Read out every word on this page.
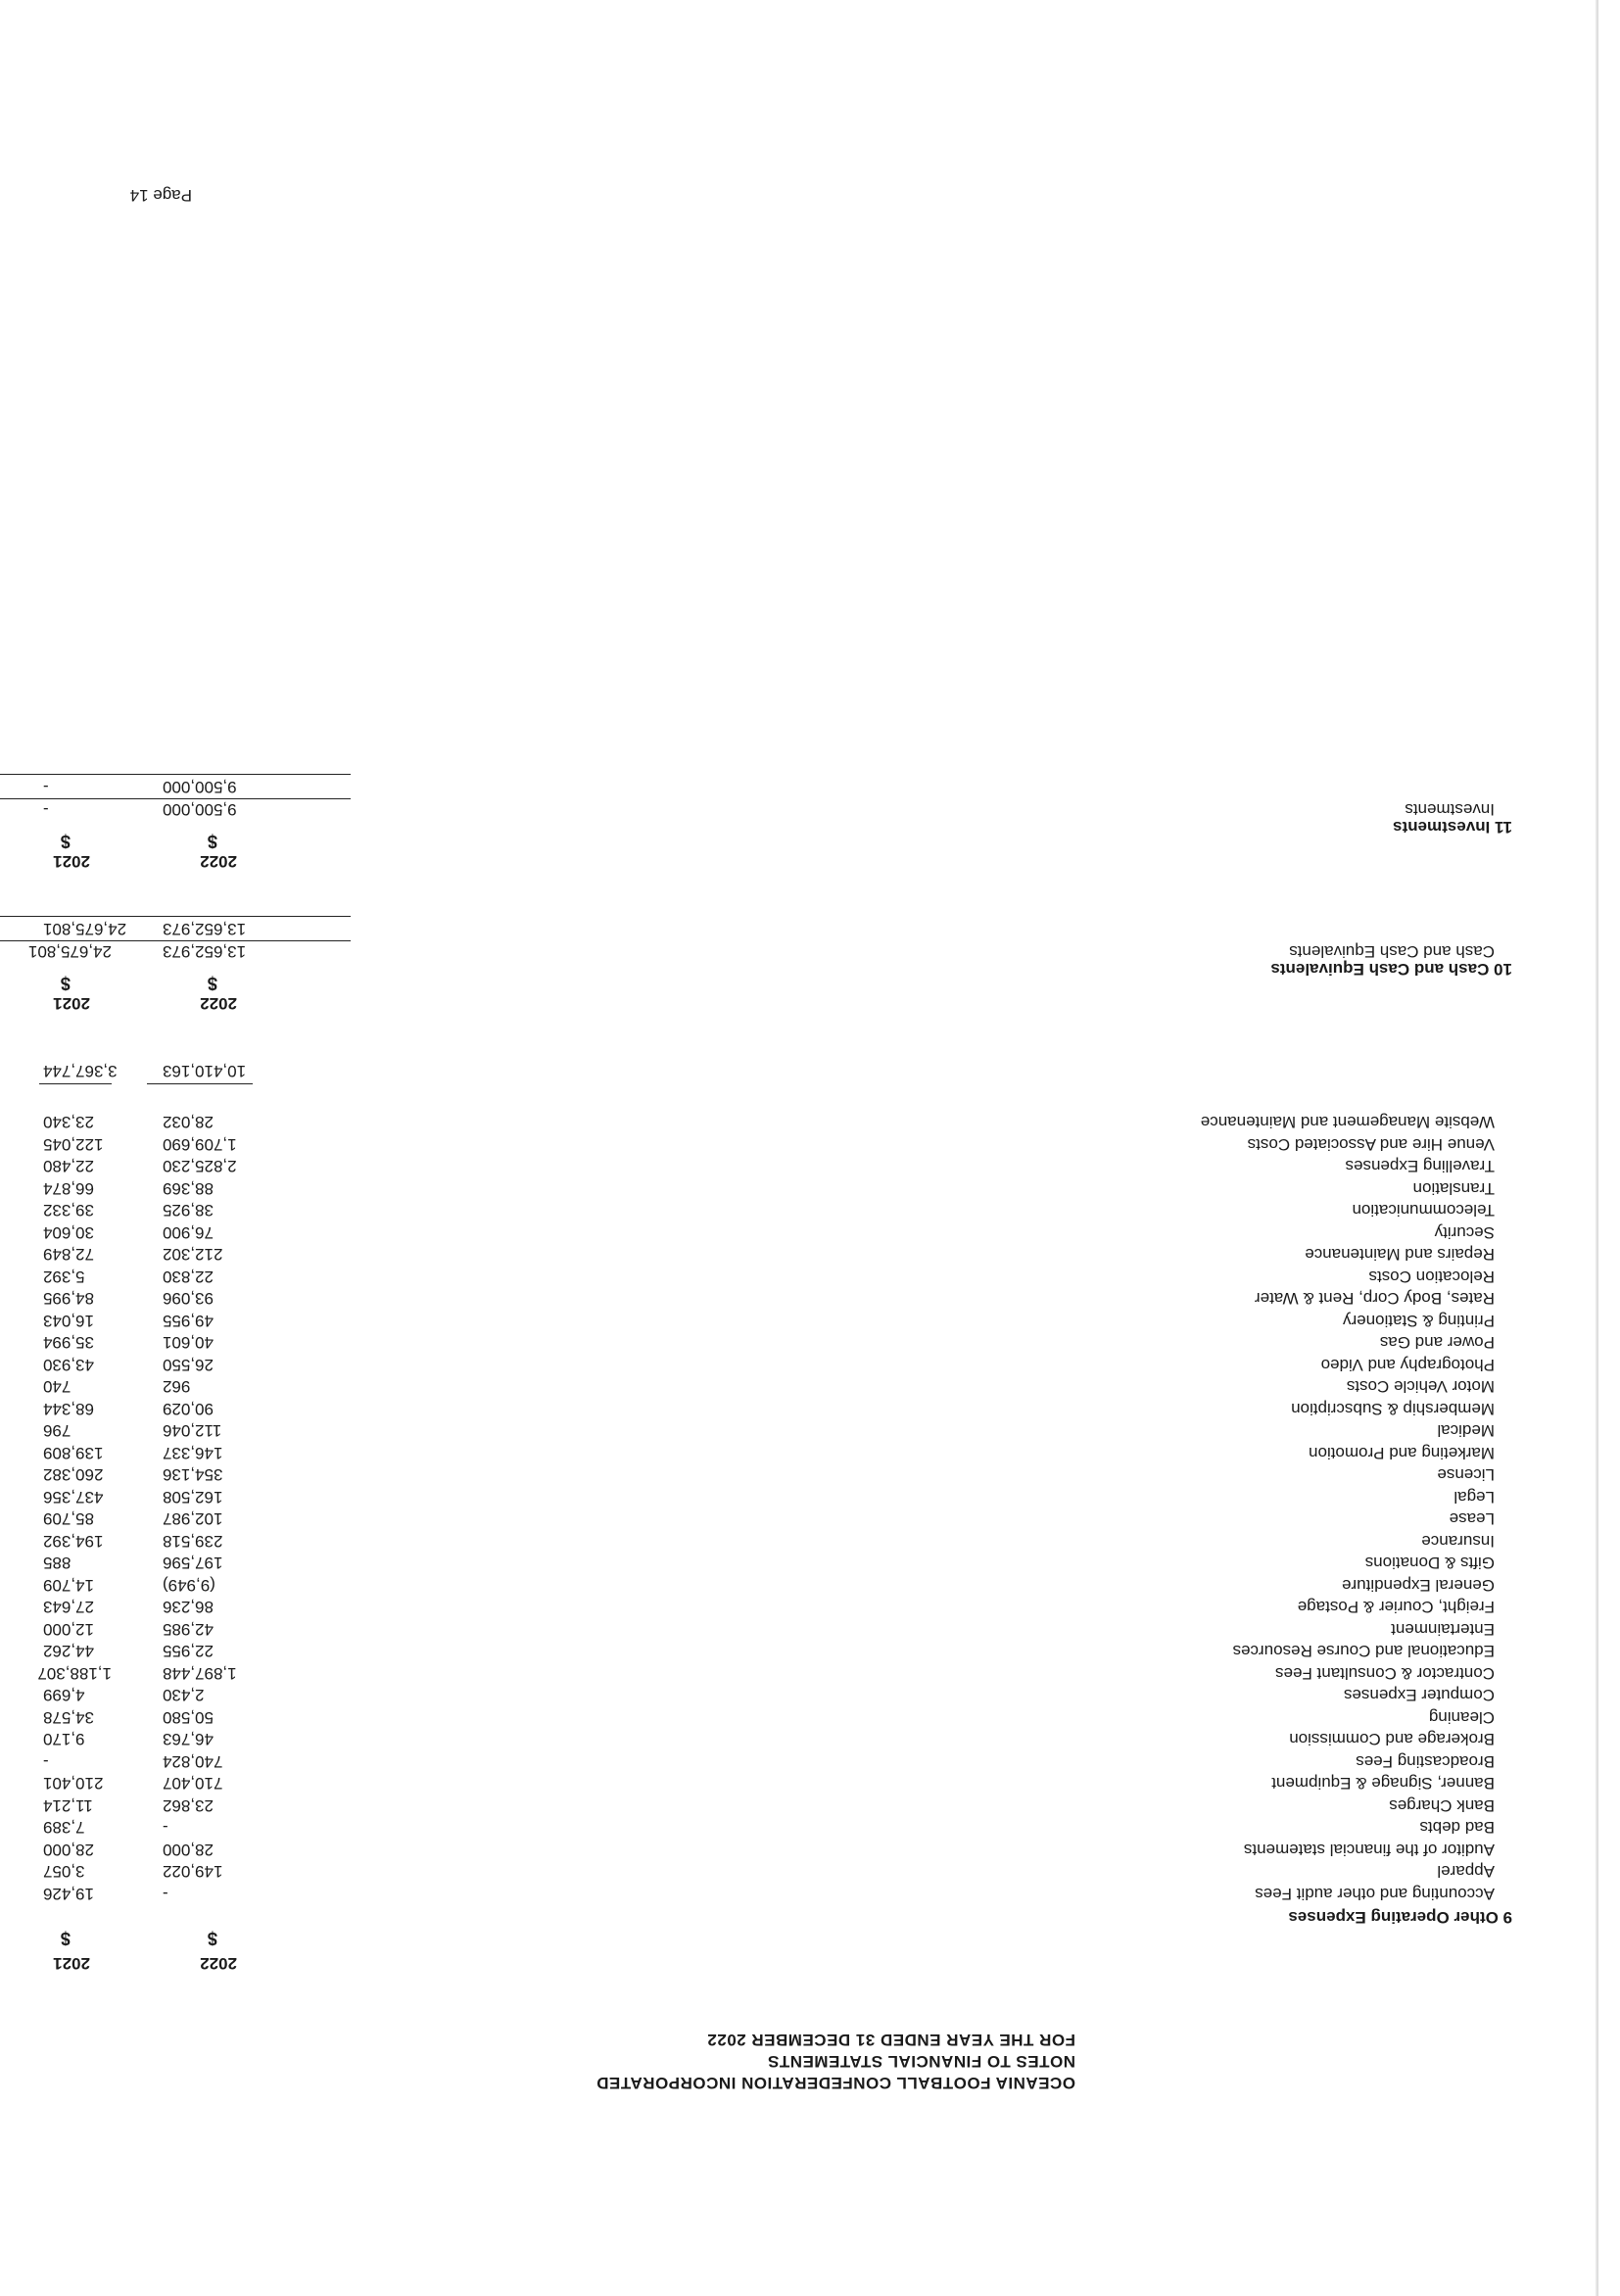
OCEANIA FOOTBALL CONFEDERATION INCORPORATED
NOTES TO FINANCIAL STATEMENTS
FOR THE YEAR ENDED 31 DECEMBER 2022
2022
2021
$
$
9 Other Operating Expenses
Accounting and other audit Fees
-
19,426
Apparel
149,022
3,057
Auditor of the financial statements
28,000
28,000
Bad debts
-
7,389
Bank Charges
23,862
11,214
Banner, Signage & Equipment
710,407
210,401
Broadcasting Fees
740,824
-
Brokerage and Commission
46,763
9,170
Cleaning
50,580
34,578
Computer Expenses
2,430
4,699
Contractor & Consultant Fees
1,897,448
1,188,307
Educational and Course Resources
22,955
44,262
Entertainment
42,985
12,000
Freight, Courier & Postage
86,236
27,643
General Expenditure
(9,949)
14,709
Gifts & Donations
197,596
885
Insurance
239,518
194,392
Lease
102,987
85,709
Legal
162,508
437,356
License
354,136
260,382
Marketing and Promotion
146,337
139,809
Medical
112,046
796
Membership & Subscription
90,029
68,344
Motor Vehicle Costs
962
740
Photography and Video
26,550
43,930
Power and Gas
40,601
35,994
Printing & Stationery
49,955
16,043
Rates, Body Corp, Rent & Water
93,096
84,995
Relocation Costs
22,830
5,392
Repairs and Maintenance
212,302
72,849
Security
76,900
30,604
Telecommunication
38,925
39,332
Translation
88,369
66,874
Travelling Expenses
2,825,230
22,480
Venue Hire and Associated Costs
1,709,690
122,045
Website Management and Maintenance
28,032
23,340
10,410,163
3,367,744
2022
2021
$
$
10 Cash and Cash Equivalents
Cash and Cash Equivalents
13,652,973
24,675,801
13,652,973
24,675,801
2022
2021
$
$
11 Investments
Investments
9,500,000
-
9,500,000
-
Page 14
